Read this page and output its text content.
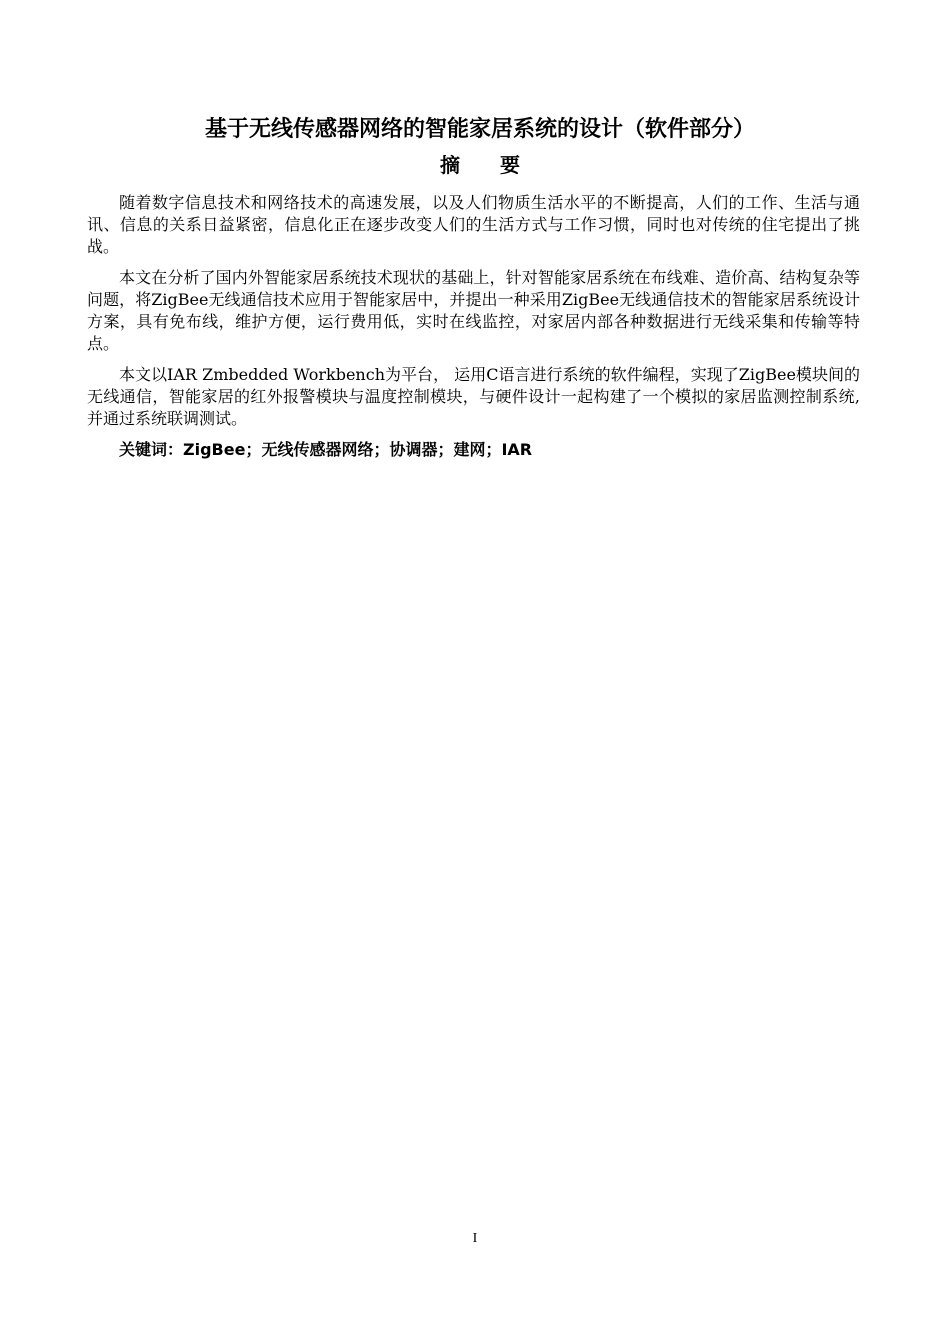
基于无线传感器网络的智能家居系统的设计（软件部分）
摘要

随着数字信息技术和网络技术的高速发展，以及人们物质生活水平的不断提高，人们的工作、生活与通讯、信息的关系日益紧密，信息化正在逐步改变人们的生活方式与工作习惯，同时也对传统的住宅提出了挑战。

本文在分析了国内外智能家居系统技术现状的基础上，针对智能家居系统在布线难、造价高、结构复杂等问题，将ZigBee无线通信技术应用于智能家居中，并提出一种采用ZigBee无线通信技术的智能家居系统设计方案，具有免布线，维护方便，运行费用低，实时在线监控，对家居内部各种数据进行无线采集和传输等特点。

本文以IAR Zmbedded Workbench为平台， 运用C语言进行系统的软件编程，实现了ZigBee模块间的无线通信，智能家居的红外报警模块与温度控制模块，与硬件设计一起构建了一个模拟的家居监测控制系统,并通过系统联调测试。

关键词：ZigBee；无线传感器网络；协调器；建网；IAR

I
